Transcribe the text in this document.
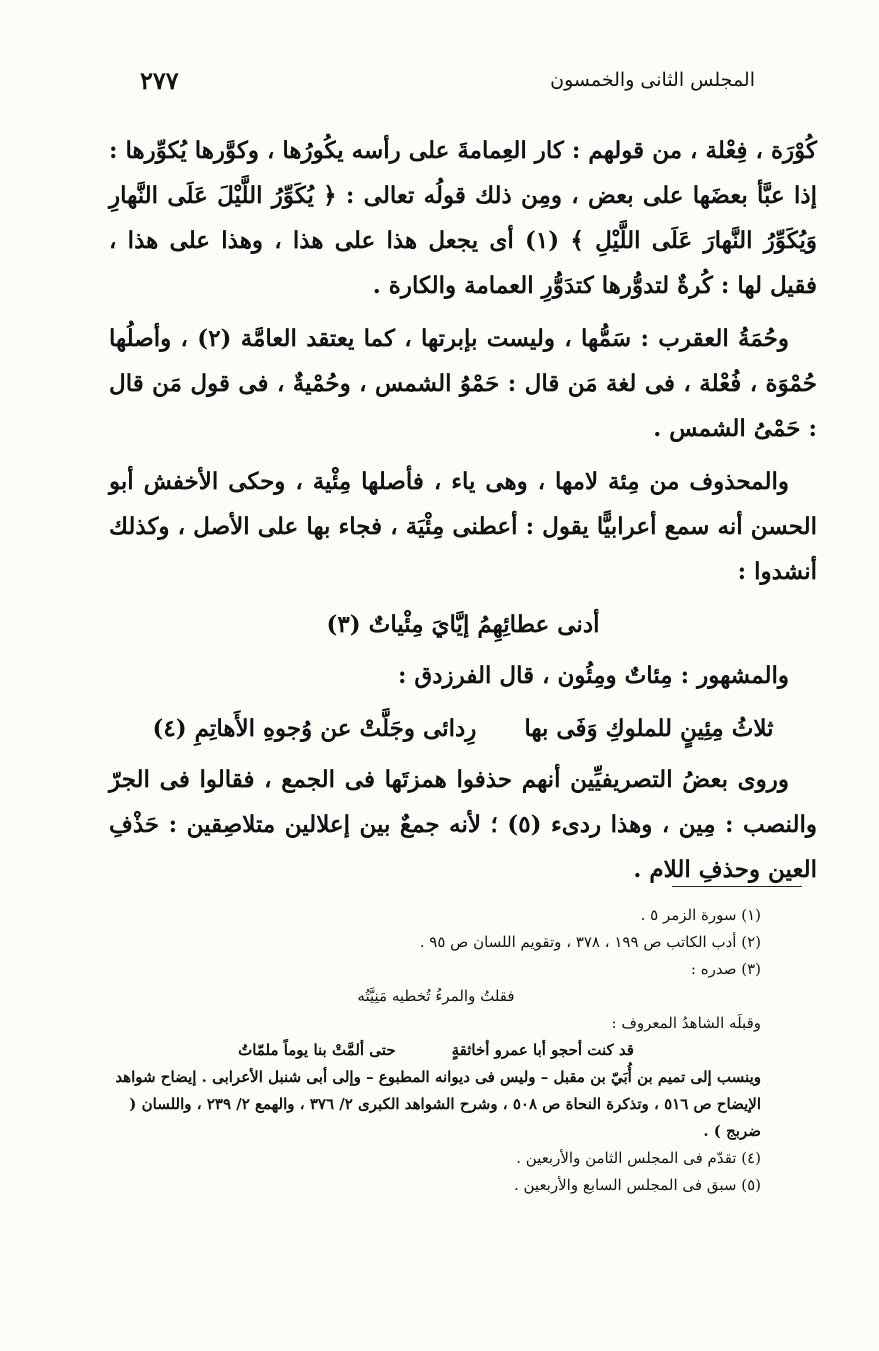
المجلس الثانى والخمسون
٢٧٧

كُوْرَة ، فِعْلة ، من قولهم : كار العِمامةَ على رأسه يكُورُها ، وكوَّرها يُكوِّرها : إذا عبَّأ بعضَها على بعض ، ومِن ذلك قولُه تعالى : ﴿ يُكَوِّرُ اللَّيْلَ عَلَى النَّهارِ وَيُكَوِّرُ النَّهارَ عَلَى اللَّيْلِ ﴾ (١) أى يجعل هذا على هذا ، وهذا على هذا ، فقيل لها : كُرةٌ لتدوُّرها كتدَوُّرِ العمامة والكارة .

وحُمَةُ العقرب : سَمُّها ، وليست بإبرتها ، كما يعتقد العامَّة (٢) ، وأصلُها حُمْوَة ، فُعْلة ، فى لغة مَن قال : حَمْوُ الشمس ، وحُمْيةٌ ، فى قول مَن قال : حَمْىُ الشمس .

والمحذوف من مِئة لامها ، وهى ياء ، فأصلها مِئْية ، وحكى الأخفش أبو الحسن أنه سمع أعرابيًّا يقول : أعطنى مِئْيَة ، فجاء بها على الأصل ، وكذلك أنشدوا :

أدنى عطائِهِمُ إيَّايَ مِئْياتٌ (٣)

والمشهور : مِئاتٌ ومِئُون ، قال الفرزدق :

ثلاثُ مِئِينٍ للملوكِ وَفَى بها
رِدائى وجَلَّتْ عن وُجوهِ الأَهاتِمِ (٤)

وروى بعضُ التصريفيِّين أنهم حذفوا همزتَها فى الجمع ، فقالوا فى الجرّ والنصب : مِين ، وهذا ردىء (٥) ؛ لأنه جمعٌ بين إعلالين متلاصِقين : حَذْفِ العين وحذفِ اللام .

(١) سورة الزمر ٥ .

(٢) أدب الكاتب ص ١٩٩ ، ٣٧٨ ، وتقويم اللسان ص ٩٥ .

(٣) صدره :

فقلتُ والمرءُ تُخطيه مَنِيَّتُه

وقبلَه الشاهدُ المعروف :

قد كنت أحجو أبا عمرو أخاثقةٍ
حتى ألمَّتْ بنا يوماً ملمّاتُ

وينسب إلى تميم بن أُبَيّ بن مقبل – وليس فى ديوانه المطبوع – وإلى أبى شنبل الأعرابى . إيضاح شواهد الإيضاح ص ٥١٦ ، وتذكرة النحاة ص ٥٠٨ ، وشرح الشواهد الكبرى ٢/ ٣٧٦ ، والهمع ٢/ ٢٣٩ ، واللسان ( ضربج ) .

(٤) تقدّم فى المجلس الثامن والأربعين .

(٥) سبق فى المجلس السابع والأربعين .
